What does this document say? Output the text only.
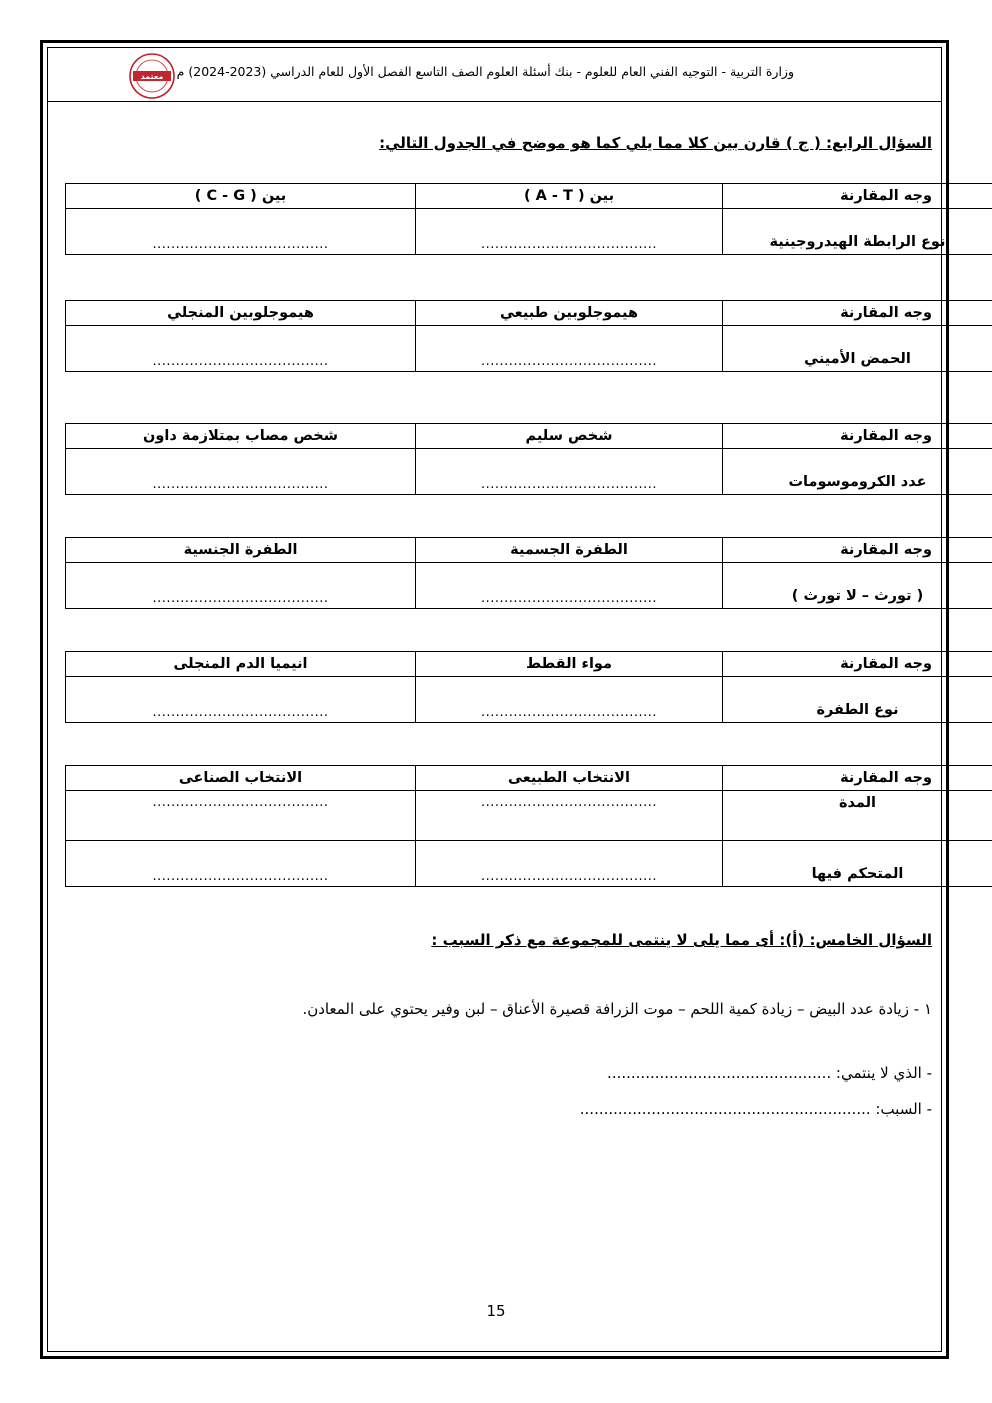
وزارة التربية - التوجيه الفني العام للعلوم - بنك أسئلة العلوم الصف التاسع الفصل الأول للعام الدراسي (2023-2024) م
معتمد
السؤال الرابع: ( ج ) قارن بين كلا مما يلي كما هو موضح في الجدول التالي:
وجه المقارنة	بين ( A - T )	بين ( C - G )

نوع الرابطة الهيدروجينية	......................................	......................................
وجه المقارنة	هيموجلوبين طبيعي	هيموجلوبين المنجلي

الحمض الأميني	......................................	......................................
وجه المقارنة	شخص سليم	شخص مصاب بمتلازمة داون

عدد الكروموسومات	......................................	......................................
وجه المقارنة	الطفرة الجسمية	الطفرة الجنسية

( تورث – لا تورث )	......................................	......................................
وجه المقارنة	مواء القطط	انيميا الدم المنجلى

نوع الطفرة	......................................	......................................
وجه المقارنة	الانتخاب الطبيعى	الانتخاب الصناعى

المدة	......................................	......................................

المتحكم فيها	......................................	......................................
السؤال الخامس: (أ): أى مما يلى لا ينتمى للمجموعة مع ذكر السبب :
١ - زيادة عدد البيض – زيادة كمية اللحم – موت الزرافة قصيرة الأعناق – لبن وفير يحتوي على المعادن.
- الذي لا ينتمي: ...............................................
- السبب: .............................................................
15
